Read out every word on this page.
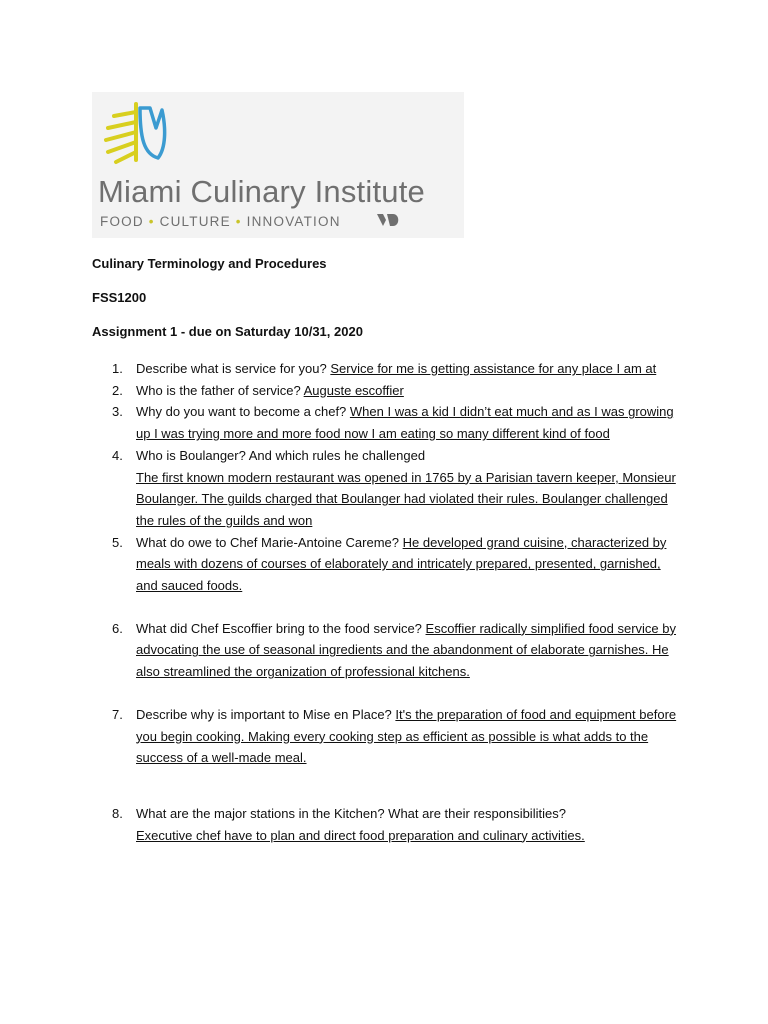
Miami Culinary Institute
FOOD • CULTURE • INNOVATION
Culinary Terminology and Procedures
FSS1200
Assignment 1 - due on Saturday 10/31, 2020
1. Describe what is service for you? Service for me is getting assistance for any place I am at
2. Who is the father of service? Auguste escoffier
3. Why do you want to become a chef? When I was a kid I didn’t eat much and as I was growing up I was trying more and more food now I am eating so many different kind of food
4. Who is Boulanger? And which rules he challenged
The first known modern restaurant was opened in 1765 by a Parisian tavern keeper, Monsieur Boulanger. The guilds charged that Boulanger had violated their rules. Boulanger challenged the rules of the guilds and won
5. What do owe to Chef Marie-Antoine Careme? He developed grand cuisine, characterized by meals with dozens of courses of elaborately and intricately prepared, presented, garnished, and sauced foods.
6. What did Chef Escoffier bring to the food service? Escoffier radically simplified food service by advocating the use of seasonal ingredients and the abandonment of elaborate garnishes. He also streamlined the organization of professional kitchens.
7. Describe why is important to Mise en Place? It's the preparation of food and equipment before you begin cooking. Making every cooking step as efficient as possible is what adds to the success of a well-made meal.
8. What are the major stations in the Kitchen? What are their responsibilities?
Executive chef have to plan and direct food preparation and culinary activities.
